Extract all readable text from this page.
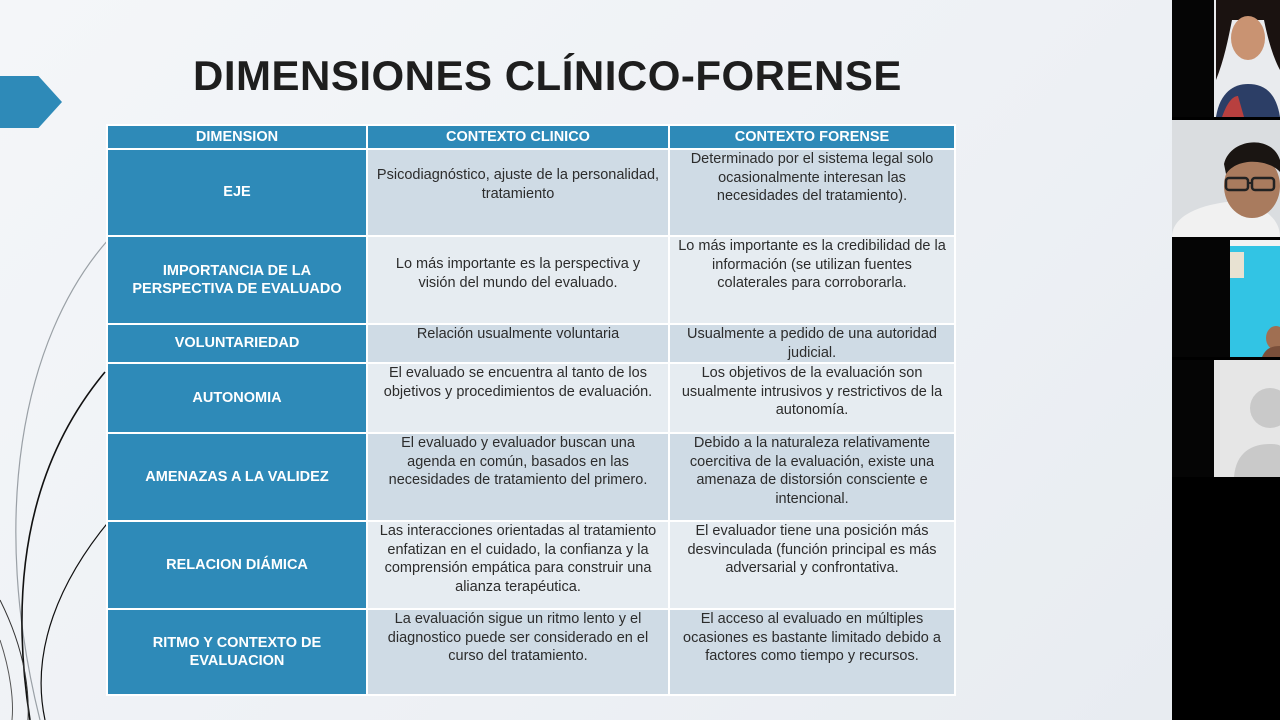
DIMENSIONES CLÍNICO-FORENSE
DIMENSION	CONTEXTO CLINICO	CONTEXTO FORENSE
EJE	Psicodiagnóstico, ajuste de la personalidad, tratamiento	Determinado por el sistema legal solo ocasionalmente interesan las necesidades del tratamiento).
IMPORTANCIA DE LA PERSPECTIVA DE EVALUADO	Lo más importante es la perspectiva y visión del mundo del evaluado.	Lo más importante es la credibilidad de la información (se utilizan fuentes colaterales para corroborarla.
VOLUNTARIEDAD	Relación usualmente voluntaria	Usualmente a pedido de una autoridad judicial.
AUTONOMIA	El evaluado se encuentra al tanto de los objetivos y procedimientos de evaluación.	Los objetivos de la evaluación son usualmente intrusivos y restrictivos de la autonomía.
AMENAZAS A LA VALIDEZ	El evaluado y evaluador buscan una agenda en común, basados en las necesidades de tratamiento del primero.	Debido a la naturaleza relativamente coercitiva de la evaluación, existe una amenaza de distorsión consciente e intencional.
RELACION DIÁMICA	Las interacciones orientadas al tratamiento enfatizan en el cuidado, la confianza y la comprensión empática para construir una alianza terapéutica.	El evaluador tiene una posición más desvinculada (función principal es más adversarial y confrontativa.
RITMO Y CONTEXTO DE EVALUACION	La evaluación sigue un ritmo lento y el diagnostico puede ser considerado en el curso del tratamiento.	El acceso al evaluado en múltiples ocasiones es bastante limitado debido a factores como tiempo y recursos.
